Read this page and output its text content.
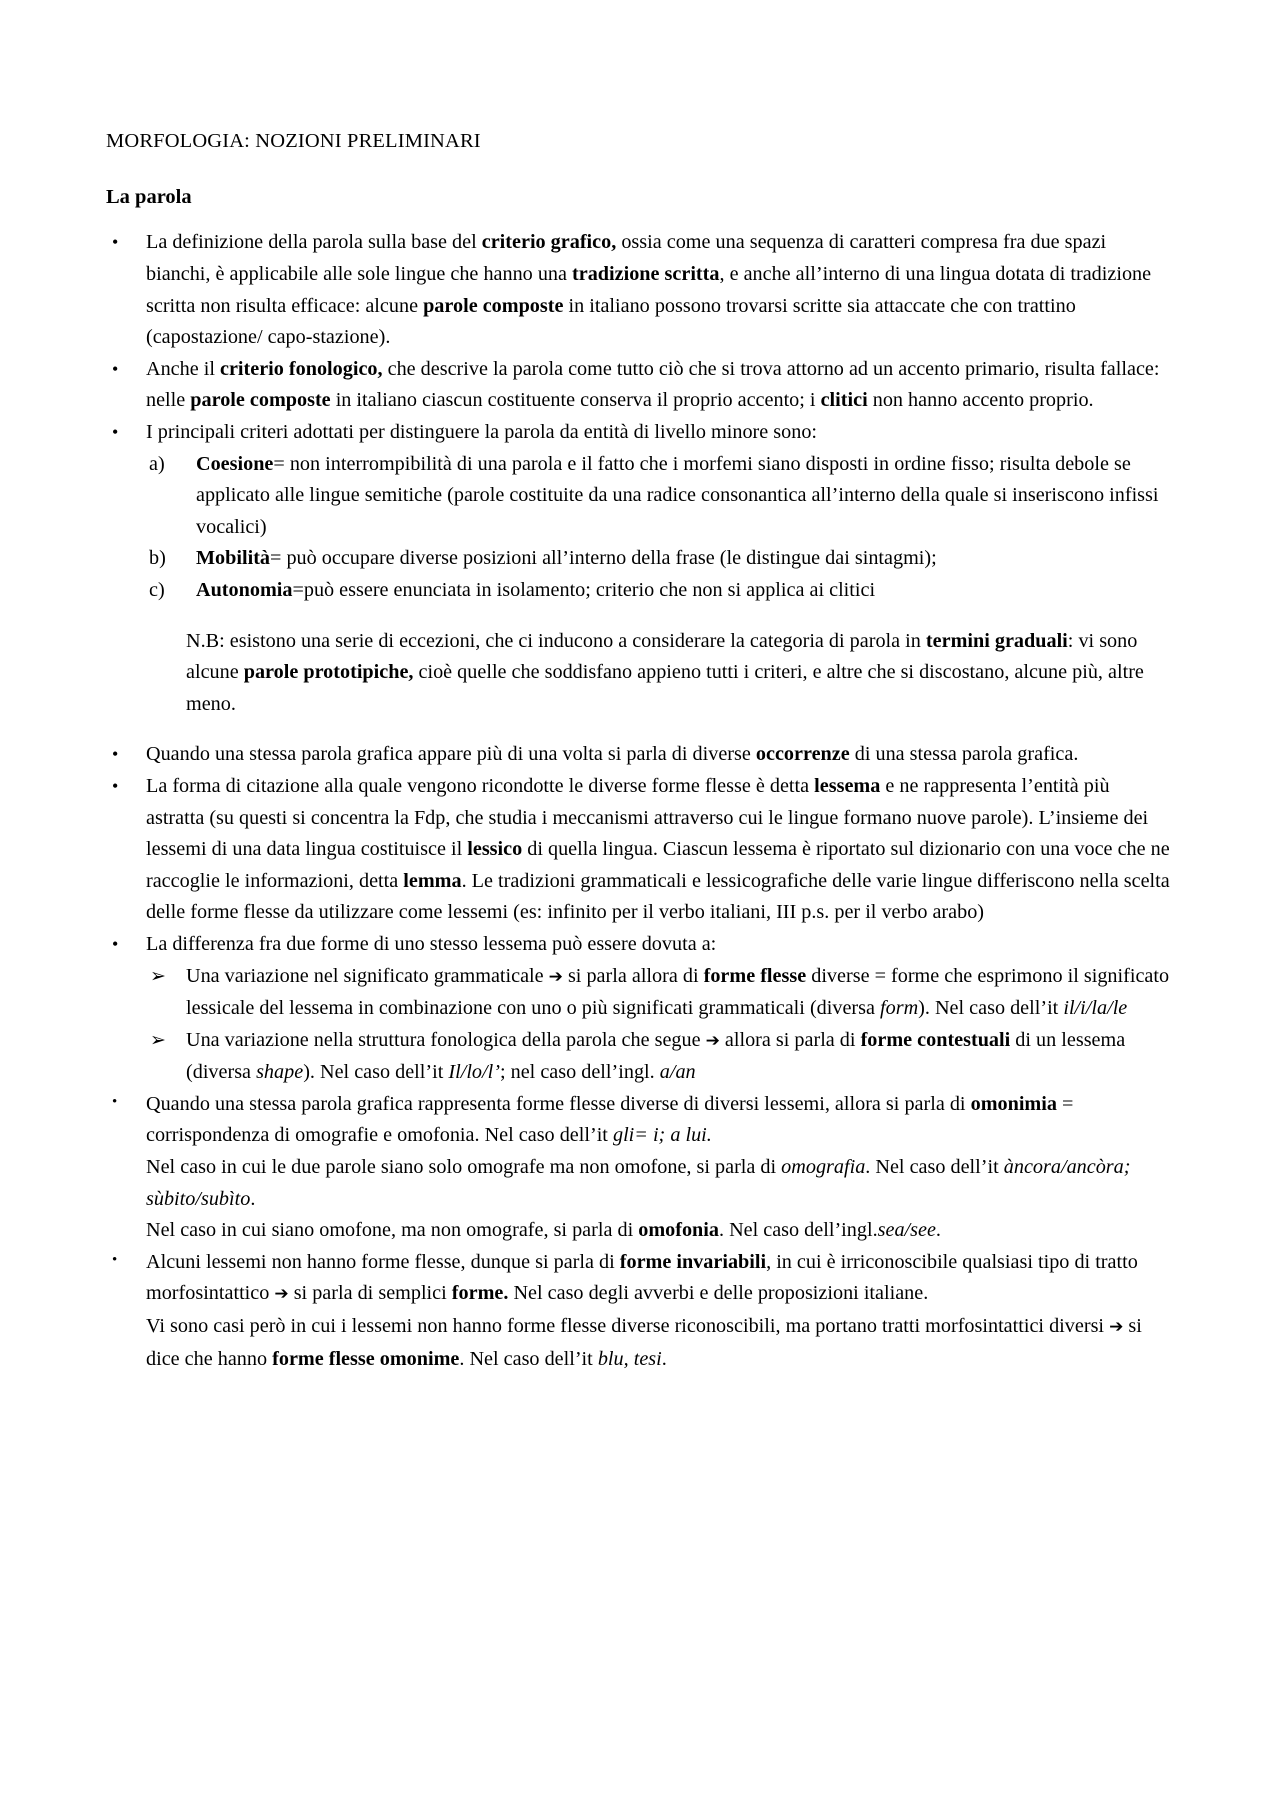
MORFOLOGIA: NOZIONI PRELIMINARI
La parola
• La definizione della parola sulla base del criterio grafico, ossia come una sequenza di caratteri compresa fra due spazi bianchi, è applicabile alle sole lingue che hanno una tradizione scritta, e anche all’interno di una lingua dotata di tradizione scritta non risulta efficace: alcune parole composte in italiano possono trovarsi scritte sia attaccate che con trattino (capostazione/ capo-stazione).
• Anche il criterio fonologico, che descrive la parola come tutto ciò che si trova attorno ad un accento primario, risulta fallace: nelle parole composte in italiano ciascun costituente conserva il proprio accento; i clitici non hanno accento proprio.
• I principali criteri adottati per distinguere la parola da entità di livello minore sono:
a)	Coesione= non interrompibilità di una parola e il fatto che i morfemi siano disposti in ordine fisso; risulta debole se applicato alle lingue semitiche (parole costituite da una radice consonantica all’interno della quale si inseriscono infissi vocalici)
b)	Mobilità= può occupare diverse posizioni all’interno della frase (le distingue dai sintagmi);
c)	Autonomia=può essere enunciata in isolamento; criterio che non si applica ai clitici
N.B: esistono una serie di eccezioni, che ci inducono a considerare la categoria di parola in termini graduali: vi sono alcune parole prototipiche, cioè quelle che soddisfano appieno tutti i criteri, e altre che si discostano, alcune più, altre meno.
• Quando una stessa parola grafica appare più di una volta si parla di diverse occorrenze di una stessa parola grafica.
• La forma di citazione alla quale vengono ricondotte le diverse forme flesse è detta lessema e ne rappresenta l’entità più astratta (su questi si concentra la Fdp, che studia i meccanismi attraverso cui le lingue formano nuove parole). L’insieme dei lessemi di una data lingua costituisce il lessico di quella lingua. Ciascun lessema è riportato sul dizionario con una voce che ne raccoglie le informazioni, detta lemma. Le tradizioni grammaticali e lessicografiche delle varie lingue differiscono nella scelta delle forme flesse da utilizzare come lessemi (es: infinito per il verbo italiani, III p.s. per il verbo arabo)
• La differenza fra due forme di uno stesso lessema può essere dovuta a:
➢ Una variazione nel significato grammaticale ➔ si parla allora di forme flesse diverse = forme che esprimono il significato lessicale del lessema in combinazione con uno o più significati grammaticali (diversa form). Nel caso dell’it il/i/la/le
➢ Una variazione nella struttura fonologica della parola che segue ➔ allora si parla di forme contestuali di un lessema (diversa shape). Nel caso dell’it Il/lo/l’; nel caso dell’ingl. a/an
• Quando una stessa parola grafica rappresenta forme flesse diverse di diversi lessemi, allora si parla di omonimia = corrispondenza di omografie e omofonia. Nel caso dell’it gli= i; a lui.
Nel caso in cui le due parole siano solo omografe ma non omofone, si parla di omografia. Nel caso dell’it àncora/ancòra; sùbito/subìto.
Nel caso in cui siano omofone, ma non omografe, si parla di omofonia. Nel caso dell’ingl.sea/see.
• Alcuni lessemi non hanno forme flesse, dunque si parla di forme invariabili, in cui è irriconoscibile qualsiasi tipo di tratto morfosintattico ➔ si parla di semplici forme. Nel caso degli avverbi e delle proposizioni italiane.
Vi sono casi però in cui i lessemi non hanno forme flesse diverse riconoscibili, ma portano tratti morfosintattici diversi ➔ si dice che hanno forme flesse omonime. Nel caso dell’it blu, tesi.
